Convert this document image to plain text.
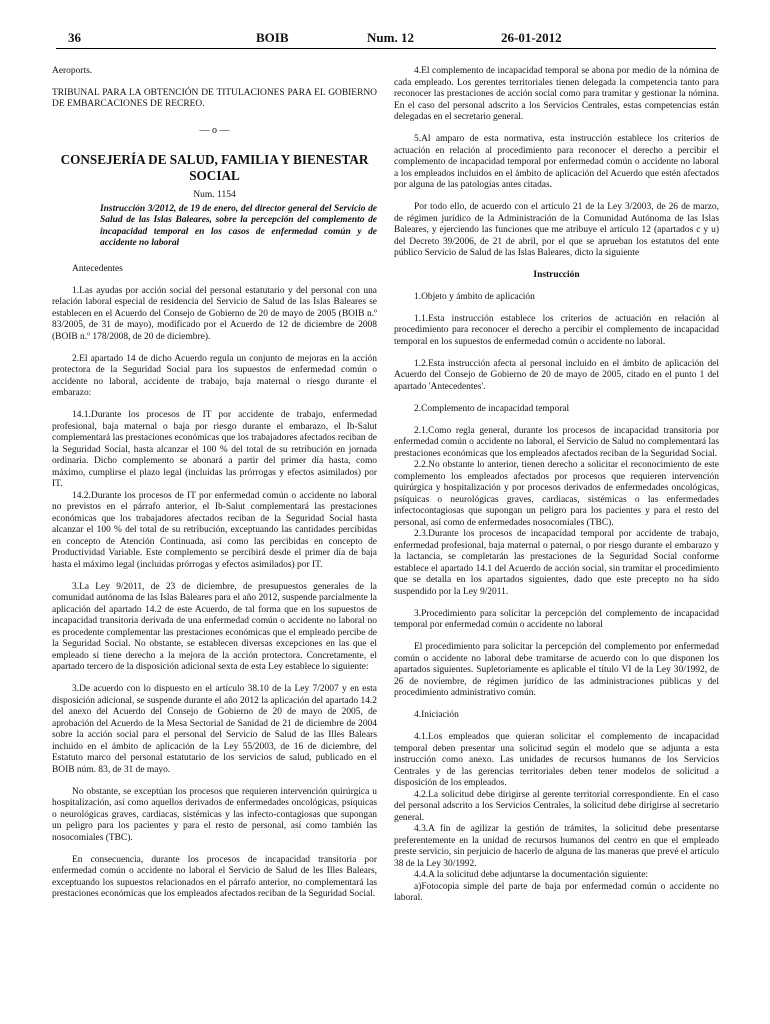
36	BOIB	Num. 12	26-01-2012

Aeroports.

TRIBUNAL PARA LA OBTENCIÓN DE TITULACIONES PARA EL GOBIERNO DE EMBARCACIONES DE RECREO.

— o —
CONSEJERÍA DE SALUD, FAMILIA Y BIENESTAR SOCIAL
Num. 1154
Instrucción 3/2012, de 19 de enero, del director general del Servicio de Salud de las Islas Baleares, sobre la percepción del complemento de incapacidad temporal en los casos de enfermedad común y de accidente no laboral

Antecedentes

1.Las ayudas por acción social del personal estatutario y del personal con una relación laboral especial de residencia del Servicio de Salud de las Islas Baleares se establecen en el Acuerdo del Consejo de Gobierno de 20 de mayo de 2005 (BOIB n.º 83/2005, de 31 de mayo), modificado por el Acuerdo de 12 de diciembre de 2008 (BOIB n.º 178/2008, de 20 de diciembre).

2.El apartado 14 de dicho Acuerdo regula un conjunto de mejoras en la acción protectora de la Seguridad Social para los supuestos de enfermedad común o accidente no laboral, accidente de trabajo, baja maternal o riesgo durante el embarazo:

14.1.Durante los procesos de IT por accidente de trabajo, enfermedad profesional, baja maternal o baja por riesgo durante el embarazo, el Ib-Salut complementará las prestaciones económicas que los trabajadores afectados reciban de la Seguridad Social, hasta alcanzar el 100 % del total de su retribución en jornada ordinaria. Dicho complemento se abonará a partir del primer día hasta, como máximo, cumplirse el plazo legal (incluidas las prórrogas y efectos asimilados) por IT.

14.2.Durante los procesos de IT por enfermedad común o accidente no laboral no previstos en el párrafo anterior, el Ib-Salut complementará las prestaciones económicas que los trabajadores afectados reciban de la Seguridad Social hasta alcanzar el 100 % del total de su retribución, exceptuando las cantidades percibidas en concepto de Atención Continuada, así como las percibidas en concepto de Productividad Variable. Este complemento se percibirá desde el primer día de baja hasta el máximo legal (incluidas prórrogas y efectos asimilados) por IT.

3.La Ley 9/2011, de 23 de diciembre, de presupuestos generales de la comunidad autónoma de las Islas Baleares para el año 2012, suspende parcialmente la aplicación del apartado 14.2 de este Acuerdo, de tal forma que en los supuestos de incapacidad transitoria derivada de una enfermedad común o accidente no laboral no es procedente complementar las prestaciones económicas que el empleado percibe de la Seguridad Social. No obstante, se establecen diversas excepciones en las que el empleado sí tiene derecho a la mejora de la acción protectora. Concretamente, el apartado tercero de la disposición adicional sexta de esta Ley establece lo siguiente:

3.De acuerdo con lo dispuesto en el artículo 38.10 de la Ley 7/2007 y en esta disposición adicional, se suspende durante el año 2012 la aplicación del apartado 14.2 del anexo del Acuerdo del Consejo de Gobierno de 20 de mayo de 2005, de aprobación del Acuerdo de la Mesa Sectorial de Sanidad de 21 de diciembre de 2004 sobre la acción social para el personal del Servicio de Salud de las Illes Balears incluido en el ámbito de aplicación de la Ley 55/2003, de 16 de diciembre, del Estatuto marco del personal estatutario de los servicios de salud, publicado en el BOIB núm. 83, de 31 de mayo.

No obstante, se exceptúan los procesos que requieren intervención quirúrgica u hospitalización, así como aquellos derivados de enfermedades oncológicas, psíquicas o neurológicas graves, cardiacas, sistémicas y las infecto-contagiosas que supongan un peligro para los pacientes y para el resto de personal, así como también las nosocomiales (TBC).

En consecuencia, durante los procesos de incapacidad transitoria por enfermedad común o accidente no laboral el Servicio de Salud de les Illes Balears, exceptuando los supuestos relacionados en el párrafo anterior, no complementará las prestaciones económicas que los empleados afectados reciban de la Seguridad Social.

4.El complemento de incapacidad temporal se abona por medio de la nómina de cada empleado. Los gerentes territoriales tienen delegada la competencia tanto para reconocer las prestaciones de acción social como para tramitar y gestionar la nómina. En el caso del personal adscrito a los Servicios Centrales, estas competencias están delegadas en el secretario general.

5.Al amparo de esta normativa, esta instrucción establece los criterios de actuación en relación al procedimiento para reconocer el derecho a percibir el complemento de incapacidad temporal por enfermedad común o accidente no laboral a los empleados incluidos en el ámbito de aplicación del Acuerdo que estén afectados por alguna de las patologías antes citadas.

Por todo ello, de acuerdo con el artículo 21 de la Ley 3/2003, de 26 de marzo, de régimen jurídico de la Administración de la Comunidad Autónoma de las Islas Baleares, y ejerciendo las funciones que me atribuye el artículo 12 (apartados c y u) del Decreto 39/2006, de 21 de abril, por el que se aprueban los estatutos del ente público Servicio de Salud de las Islas Baleares, dicto la siguiente

Instrucción

1.Objeto y ámbito de aplicación

1.1.Esta instrucción establece los criterios de actuación en relación al procedimiento para reconocer el derecho a percibir el complemento de incapacidad temporal en los supuestos de enfermedad común o accidente no laboral.

1.2.Esta instrucción afecta al personal incluido en el ámbito de aplicación del Acuerdo del Consejo de Gobierno de 20 de mayo de 2005, citado en el punto 1 del apartado 'Antecedentes'.

2.Complemento de incapacidad temporal

2.1.Como regla general, durante los procesos de incapacidad transitoria por enfermedad común o accidente no laboral, el Servicio de Salud no complementará las prestaciones económicas que los empleados afectados reciban de la Seguridad Social.

2.2.No obstante lo anterior, tienen derecho a solicitar el reconocimiento de este complemento los empleados afectados por procesos que requieren intervención quirúrgica y hospitalización y por procesos derivados de enfermedades oncológicas, psíquicas o neurológicas graves, cardiacas, sistémicas o las enfermedades infectocontagiosas que supongan un peligro para los pacientes y para el resto del personal, así como de enfermedades nosocomiales (TBC).

2.3.Durante los procesos de incapacidad temporal por accidente de trabajo, enfermedad profesional, baja maternal o paternal, o por riesgo durante el embarazo y la lactancia, se completarán las prestaciones de la Seguridad Social conforme establece el apartado 14.1 del Acuerdo de acción social, sin tramitar el procedimiento que se detalla en los apartados siguientes, dado que este precepto no ha sido suspendido por la Ley 9/2011.

3.Procedimiento para solicitar la percepción del complemento de incapacidad temporal por enfermedad común o accidente no laboral

El procedimiento para solicitar la percepción del complemento por enfermedad común o accidente no laboral debe tramitarse de acuerdo con lo que disponen los apartados siguientes. Supletoriamente es aplicable el título VI de la Ley 30/1992, de 26 de noviembre, de régimen jurídico de las administraciones públicas y del procedimiento administrativo común.

4.Iniciación

4.1.Los empleados que quieran solicitar el complemento de incapacidad temporal deben presentar una solicitud según el modelo que se adjunta a esta instrucción como anexo. Las unidades de recursos humanos de los Servicios Centrales y de las gerencias territoriales deben tener modelos de solicitud a disposición de los empleados.

4.2.La solicitud debe dirigirse al gerente territorial correspondiente. En el caso del personal adscrito a los Servicios Centrales, la solicitud debe dirigirse al secretario general.

4.3.A fin de agilizar la gestión de trámites, la solicitud debe presentarse preferentemente en la unidad de recursos humanos del centro en que el empleado preste servicio, sin perjuicio de hacerlo de alguna de las maneras que prevé el artículo 38 de la Ley 30/1992.

4.4.A la solicitud debe adjuntarse la documentación siguiente:

a)Fotocopia simple del parte de baja por enfermedad común o accidente no laboral.
